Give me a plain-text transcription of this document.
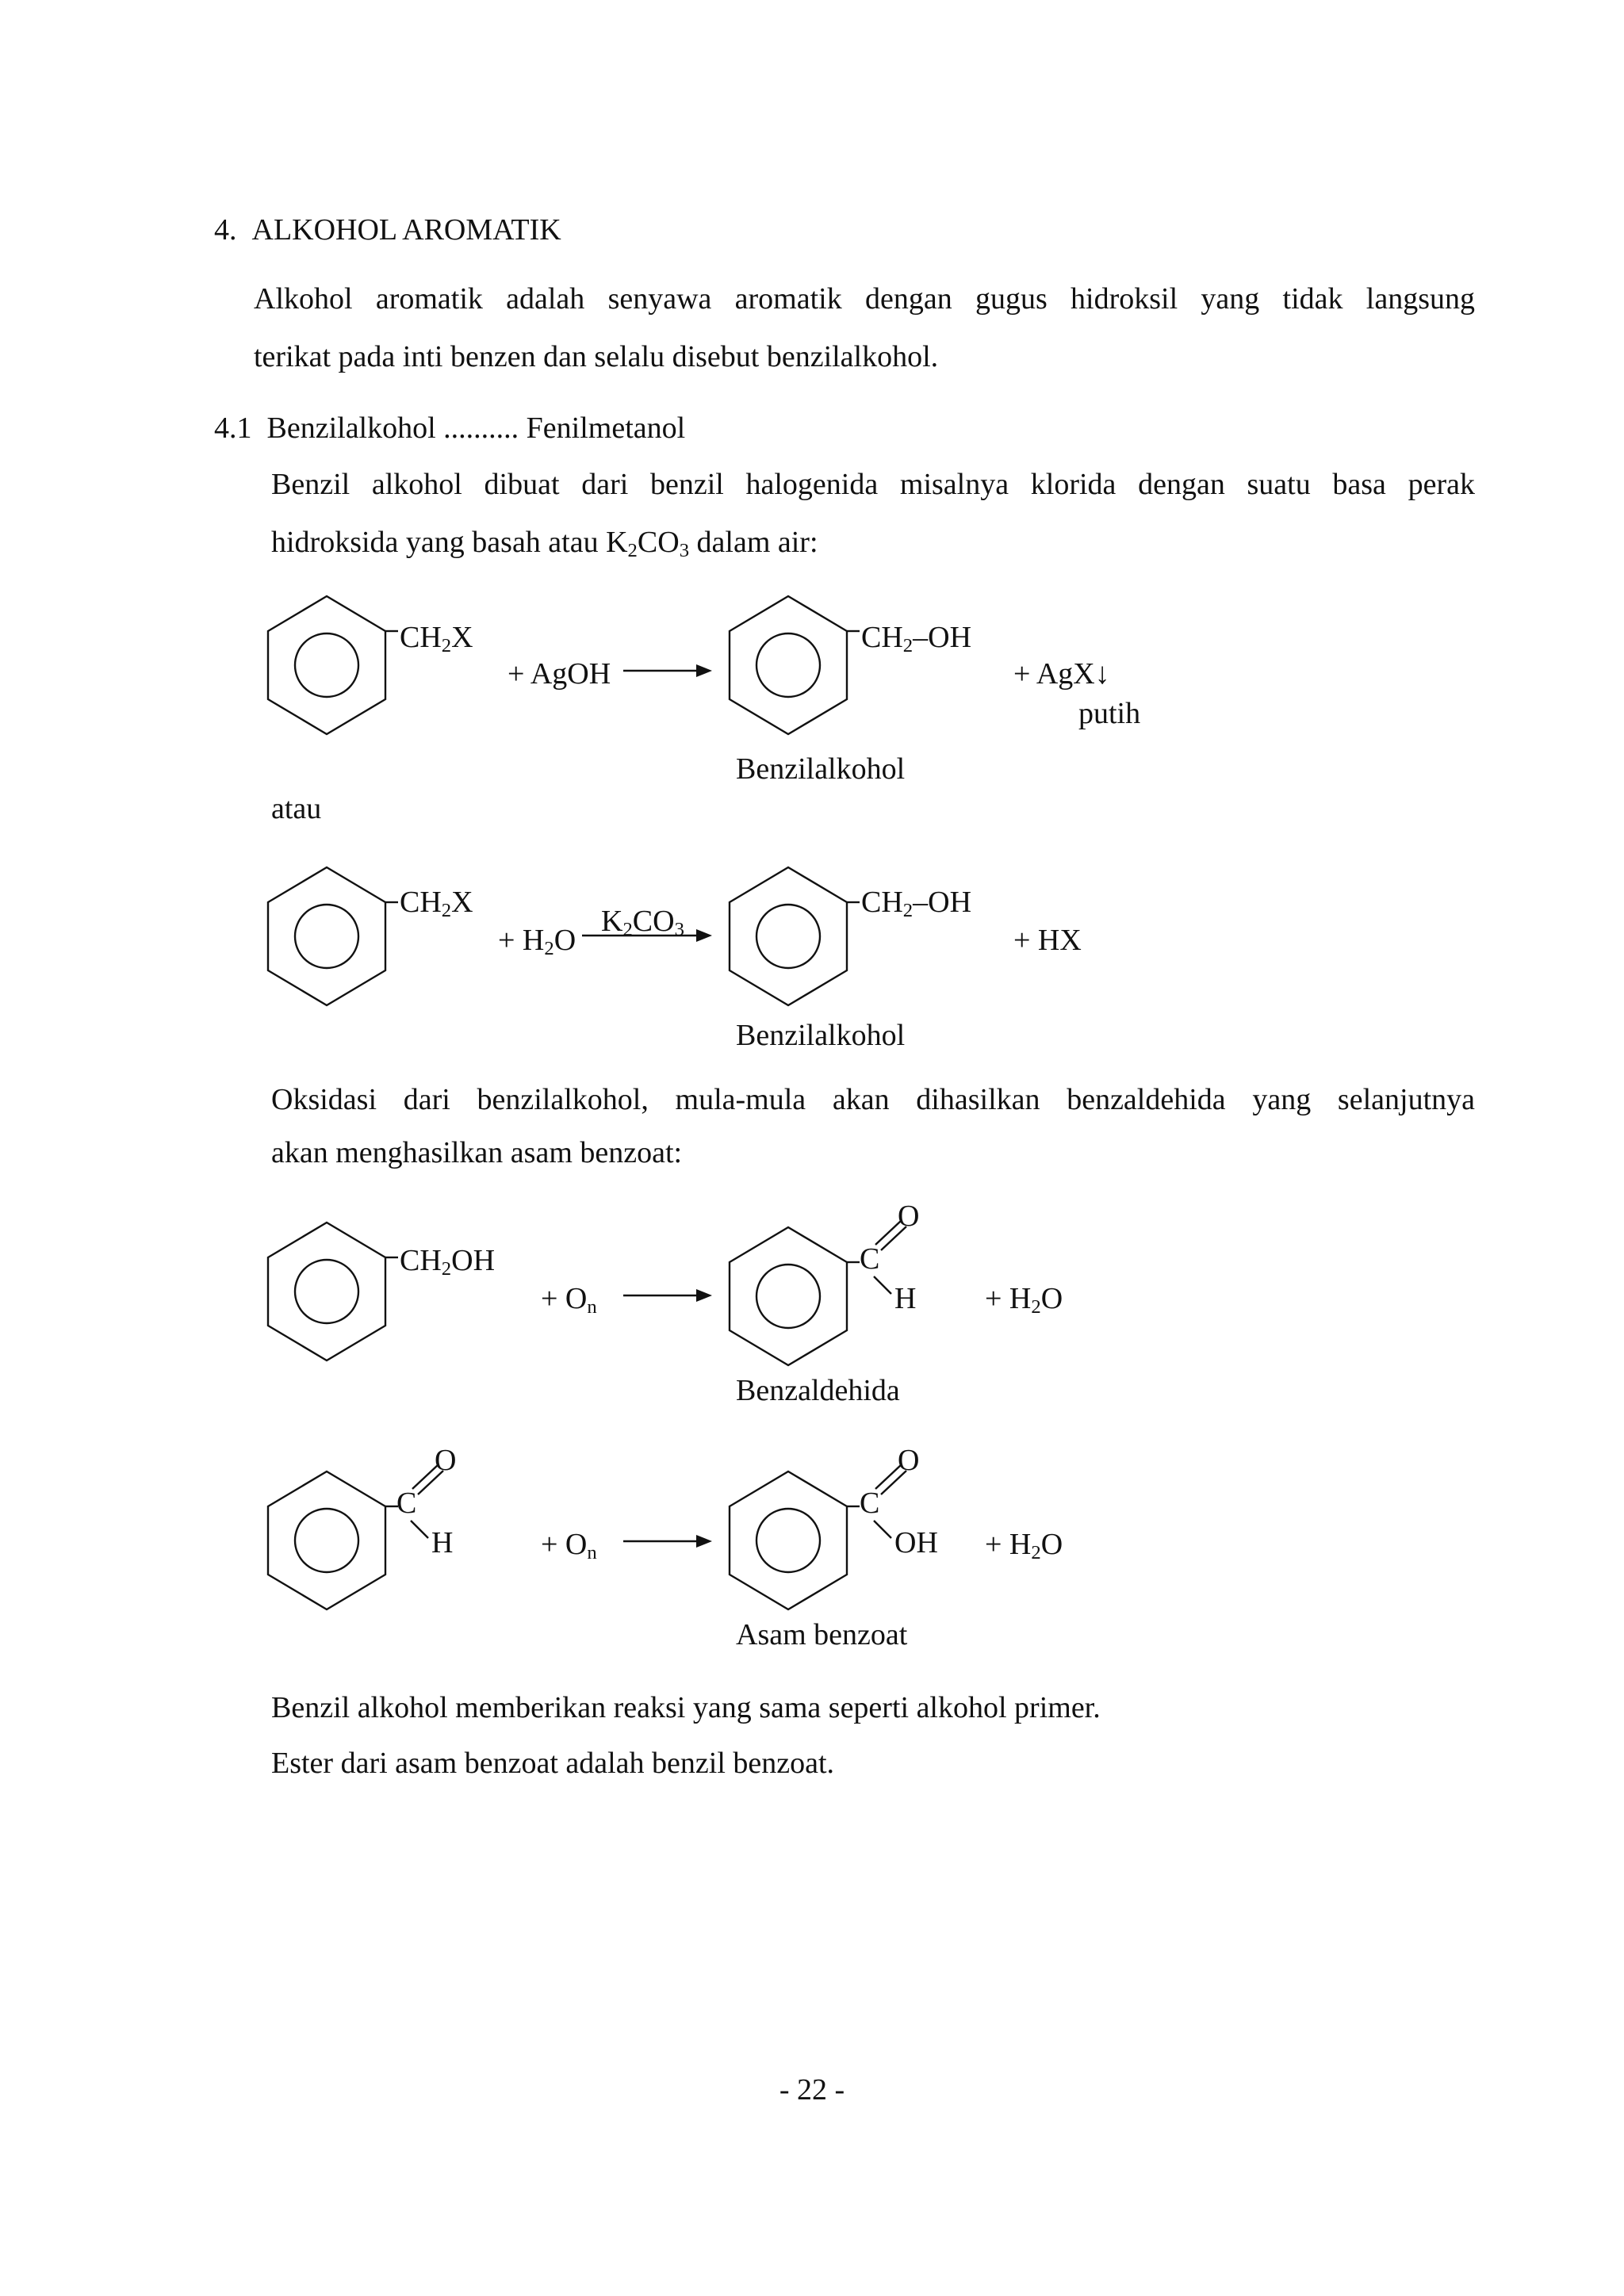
4. ALKOHOL AROMATIK
Alkohol aromatik adalah senyawa aromatik dengan gugus hidroksil yang tidak langsung
terikat pada inti benzen dan selalu disebut benzilalkohol.
4.1 Benzilalkohol .......... Fenilmetanol
Benzil alkohol dibuat dari benzil halogenida misalnya klorida dengan suatu basa perak
hidroksida yang basah atau $K_2CO_3$ dalam air:
$CH_2X$
+ AgOH
$CH_2-OH$
+ AgX↓
putih
Benzilalkohol
atau
$CH_2X$
+ $H_2O$
$K_2CO_3$
$CH_2-OH$
+ HX
Benzilalkohol
Oksidasi dari benzilalkohol, mula-mula akan dihasilkan benzaldehida yang selanjutnya
akan menghasilkan asam benzoat:
$CH_2OH$
+ $O_n$
O
C
$H + H_2O$
Benzaldehida
O
C
H	+ $O_n$
O
C
OH + $H_2O$
Asam benzoat
Benzil alkohol memberikan reaksi yang sama seperti alkohol primer.
Ester dari asam benzoat adalah benzil benzoat.
- 22 -
